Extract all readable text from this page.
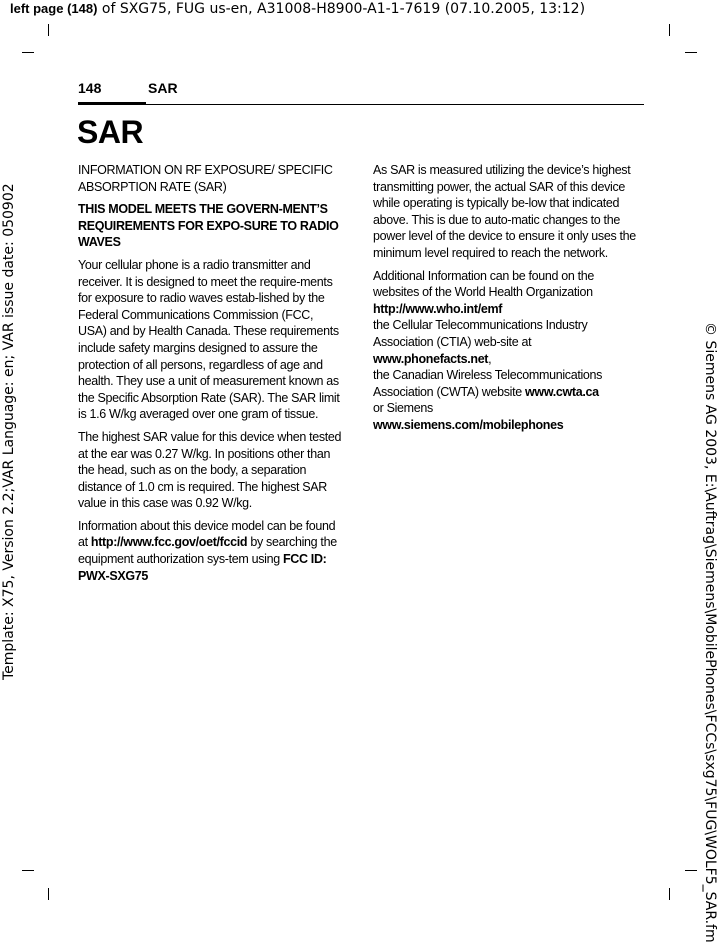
left page (148) of SXG75, FUG us-en, A31008-H8900-A1-1-7619 (07.10.2005, 13:12)
Template: X75, Version 2.2;VAR Language: en; VAR issue date: 050902	© Siemens AG 2003, E:\Auftrag\Siemens\MobilePhones\FCCs\sxg75\FUG\WOLF5_SAR.fm
148	SAR
SAR

INFORMATION ON RF EXPOSURE/ SPECIFIC ABSORPTION RATE (SAR)

THIS MODEL MEETS THE GOVERN-MENT’S REQUIREMENTS FOR EXPO-SURE TO RADIO WAVES

Your cellular phone is a radio transmitter and receiver. It is designed to meet the require-ments for exposure to radio waves estab-lished by the Federal Communications Commission (FCC, USA) and by Health Canada. These requirements include safety margins designed to assure the protection of all persons, regardless of age and health. They use a unit of measurement known as the Specific Absorption Rate (SAR). The SAR limit is 1.6 W/kg averaged over one gram of tissue.

The highest SAR value for this device when tested at the ear was 0.27 W/kg. In positions other than the head, such as on the body, a separation distance of 1.0 cm is required. The highest SAR value in this case was 0.92 W/kg.

Information about this device model can be found at http://www.fcc.gov/oet/fccid by searching the equipment authorization sys-tem using FCC ID: PWX-SXG75

As SAR is measured utilizing the device’s highest transmitting power, the actual SAR of this device while operating is typically be-low that indicated above. This is due to auto-matic changes to the power level of the device to ensure it only uses the minimum level required to reach the network.

Additional Information can be found on the websites of the World Health Organization
http://www.who.int/emf
the Cellular Telecommunications Industry Association (CTIA) web-site at
www.phonefacts.net,
the Canadian Wireless Telecommunications Association (CWTA) website www.cwta.ca
or Siemens
www.siemens.com/mobilephones
